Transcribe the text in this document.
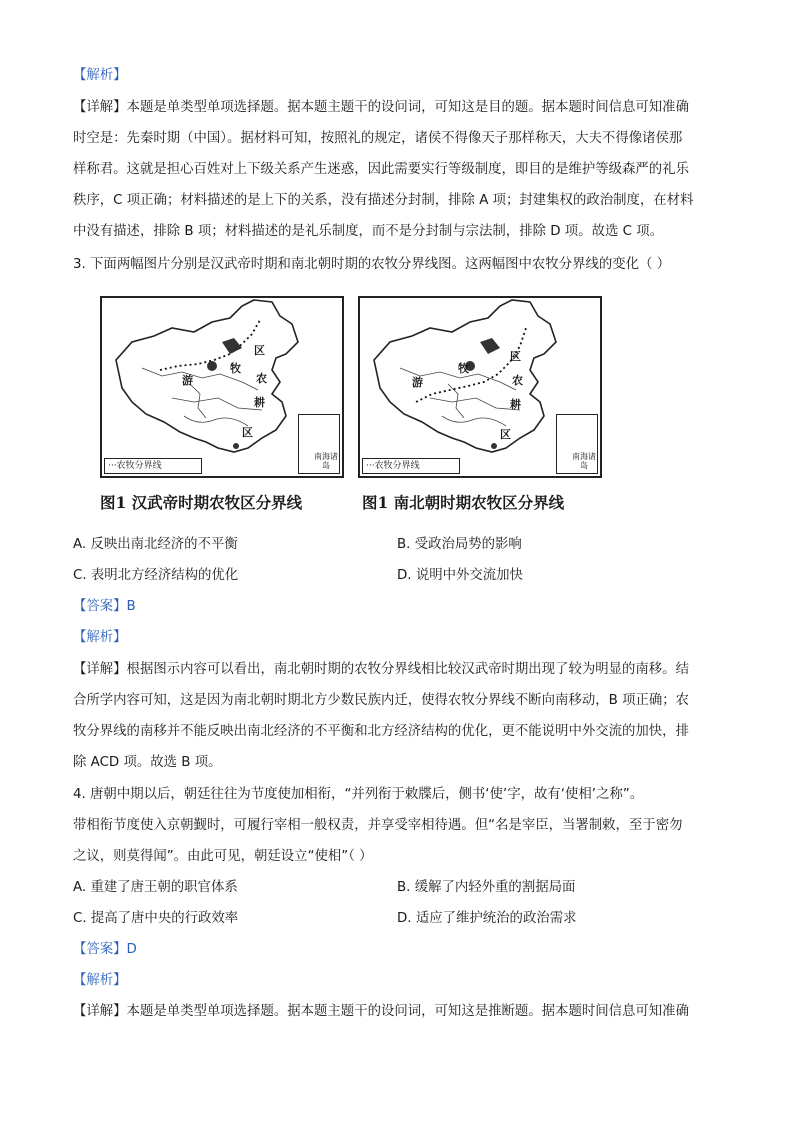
【解析】
【详解】本题是单类型单项选择题。据本题主题干的设问词，可知这是目的题。据本题时间信息可知准确
时空是：先秦时期（中国）。据材料可知，按照礼的规定，诸侯不得像天子那样称天，大夫不得像诸侯那
样称君。这就是担心百姓对上下级关系产生迷惑，因此需要实行等级制度，即目的是维护等级森严的礼乐
秩序，C 项正确；材料描述的是上下的关系，没有描述分封制，排除 A 项；封建集权的政治制度，在材料
中没有描述，排除 B 项；材料描述的是礼乐制度，而不是分封制与宗法制，排除 D 项。故选 C 项。
3. 下面两幅图片分别是汉武帝时期和南北朝时期的农牧分界线图。这两幅图中农牧分界线的变化（ ）
牧
区
游	农
耕
区
···农牧分界线
南海诸岛
游
牧
区
农
耕
区
···农牧分界线
南海诸岛
图1 汉武帝时期农牧区分界线	图1 南北朝时期农牧区分界线
A. 反映出南北经济的不平衡	B. 受政治局势的影响
C. 表明北方经济结构的优化	D. 说明中外交流加快
【答案】B
【解析】
【详解】根据图示内容可以看出，南北朝时期的农牧分界线相比较汉武帝时期出现了较为明显的南移。结
合所学内容可知，这是因为南北朝时期北方少数民族内迁，使得农牧分界线不断向南移动，B 项正确；农
牧分界线的南移并不能反映出南北经济的不平衡和北方经济结构的优化，更不能说明中外交流的加快，排
除 ACD 项。故选 B 项。
4. 唐朝中期以后，朝廷往往为节度使加相衔，“并列衔于敕牒后，侧书‘使’字，故有‘使相’之称”。
带相衔节度使入京朝觐时，可履行宰相一般权责，并享受宰相待遇。但“名是宰臣，当署制敕，至于密勿
之议，则莫得闻”。由此可见，朝廷设立“使相”（ ）
A. 重建了唐王朝的职官体系	B. 缓解了内轻外重的割据局面
C. 提高了唐中央的行政效率	D. 适应了维护统治的政治需求
【答案】D
【解析】
【详解】本题是单类型单项选择题。据本题主题干的设问词，可知这是推断题。据本题时间信息可知准确
